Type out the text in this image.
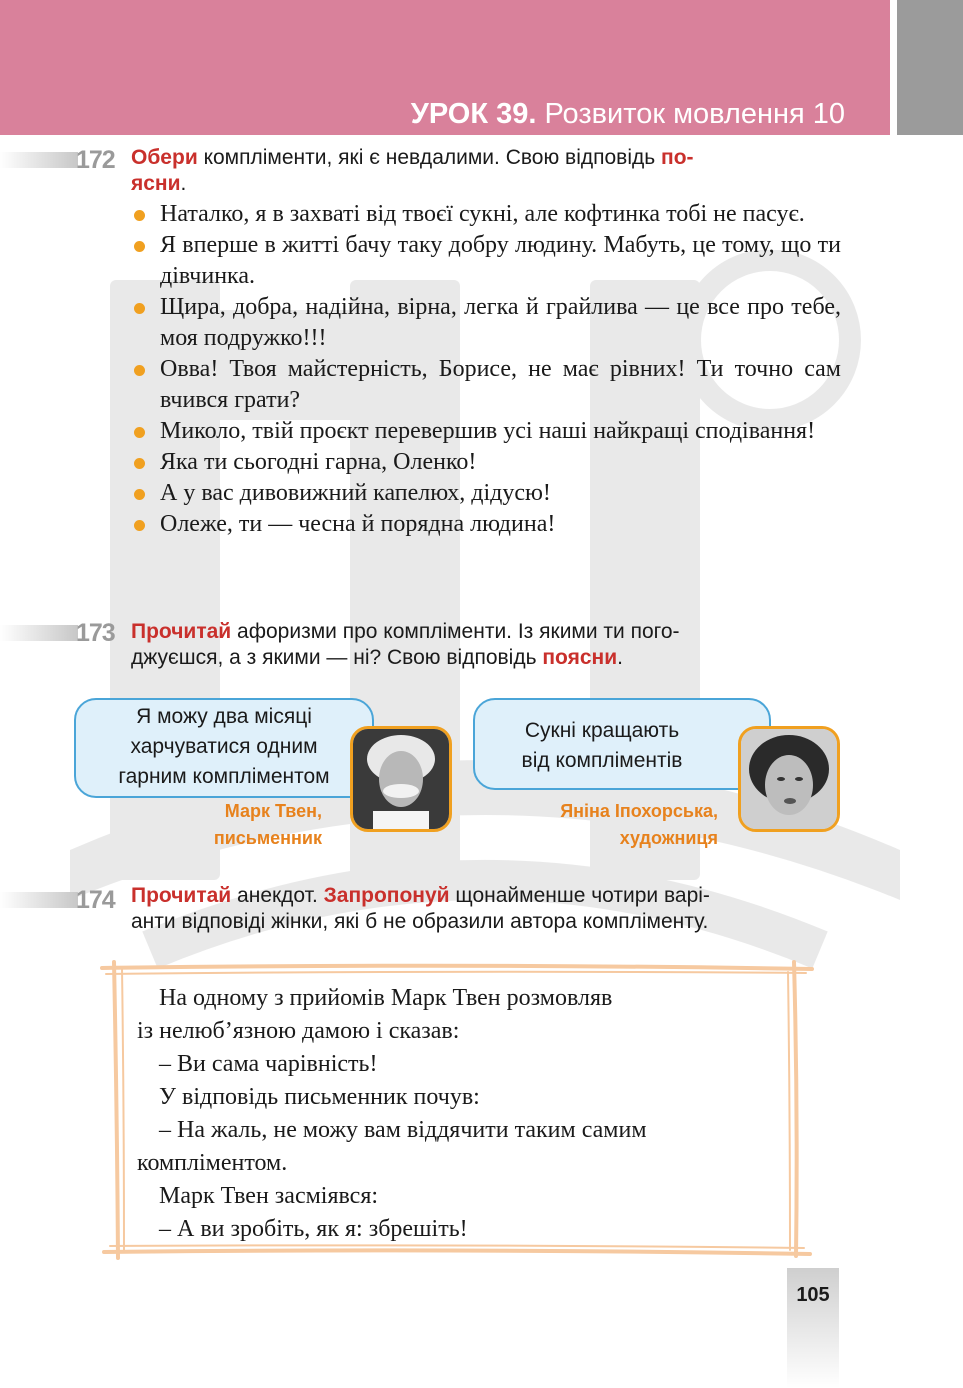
УРОК 39. Розвиток мовлення 10
172 Обери компліменти, які є невдалими. Свою відповідь по-
ясни.
Наталко, я в захваті від твоєї сукні, але кофтинка тобі не пасує.
Я вперше в житті бачу таку добру людину. Мабуть, це тому, що ти дівчинка.
Щира, добра, надійна, вірна, легка й грайлива — це все про тебе, моя подружко!!!
Овва! Твоя майстерність, Борисе, не має рівних! Ти точно сам вчився грати?
Миколо, твій проєкт перевершив усі наші найкращі сподівання!
Яка ти сьогодні гарна, Оленко!
А у вас дивовижний капелюх, дідусю!
Олеже, ти — чесна й порядна людина!
173 Прочитай афоризми про компліменти. Із якими ти пого-
джуєшся, а з якими — ні? Свою відповідь поясни.
Я можу два місяці
харчуватися одним
гарним компліментом
Марк Твен,
письменник
Сукні кращають
від компліментів
Яніна Іпохорська,
художниця
174 Прочитай анекдот. Запропонуй щонайменше чотири варі-
анти відповіді жінки, які б не образили автора компліменту.

На одному з прийомів Марк Твен розмовляв

із нелюб’язною дамою і сказав:

– Ви сама чарівність!

У відповідь письменник почув:

– На жаль, не можу вам віддячити таким самим

компліментом.

Марк Твен засміявся:

– А ви зробіть, як я: збрешіть!

105
